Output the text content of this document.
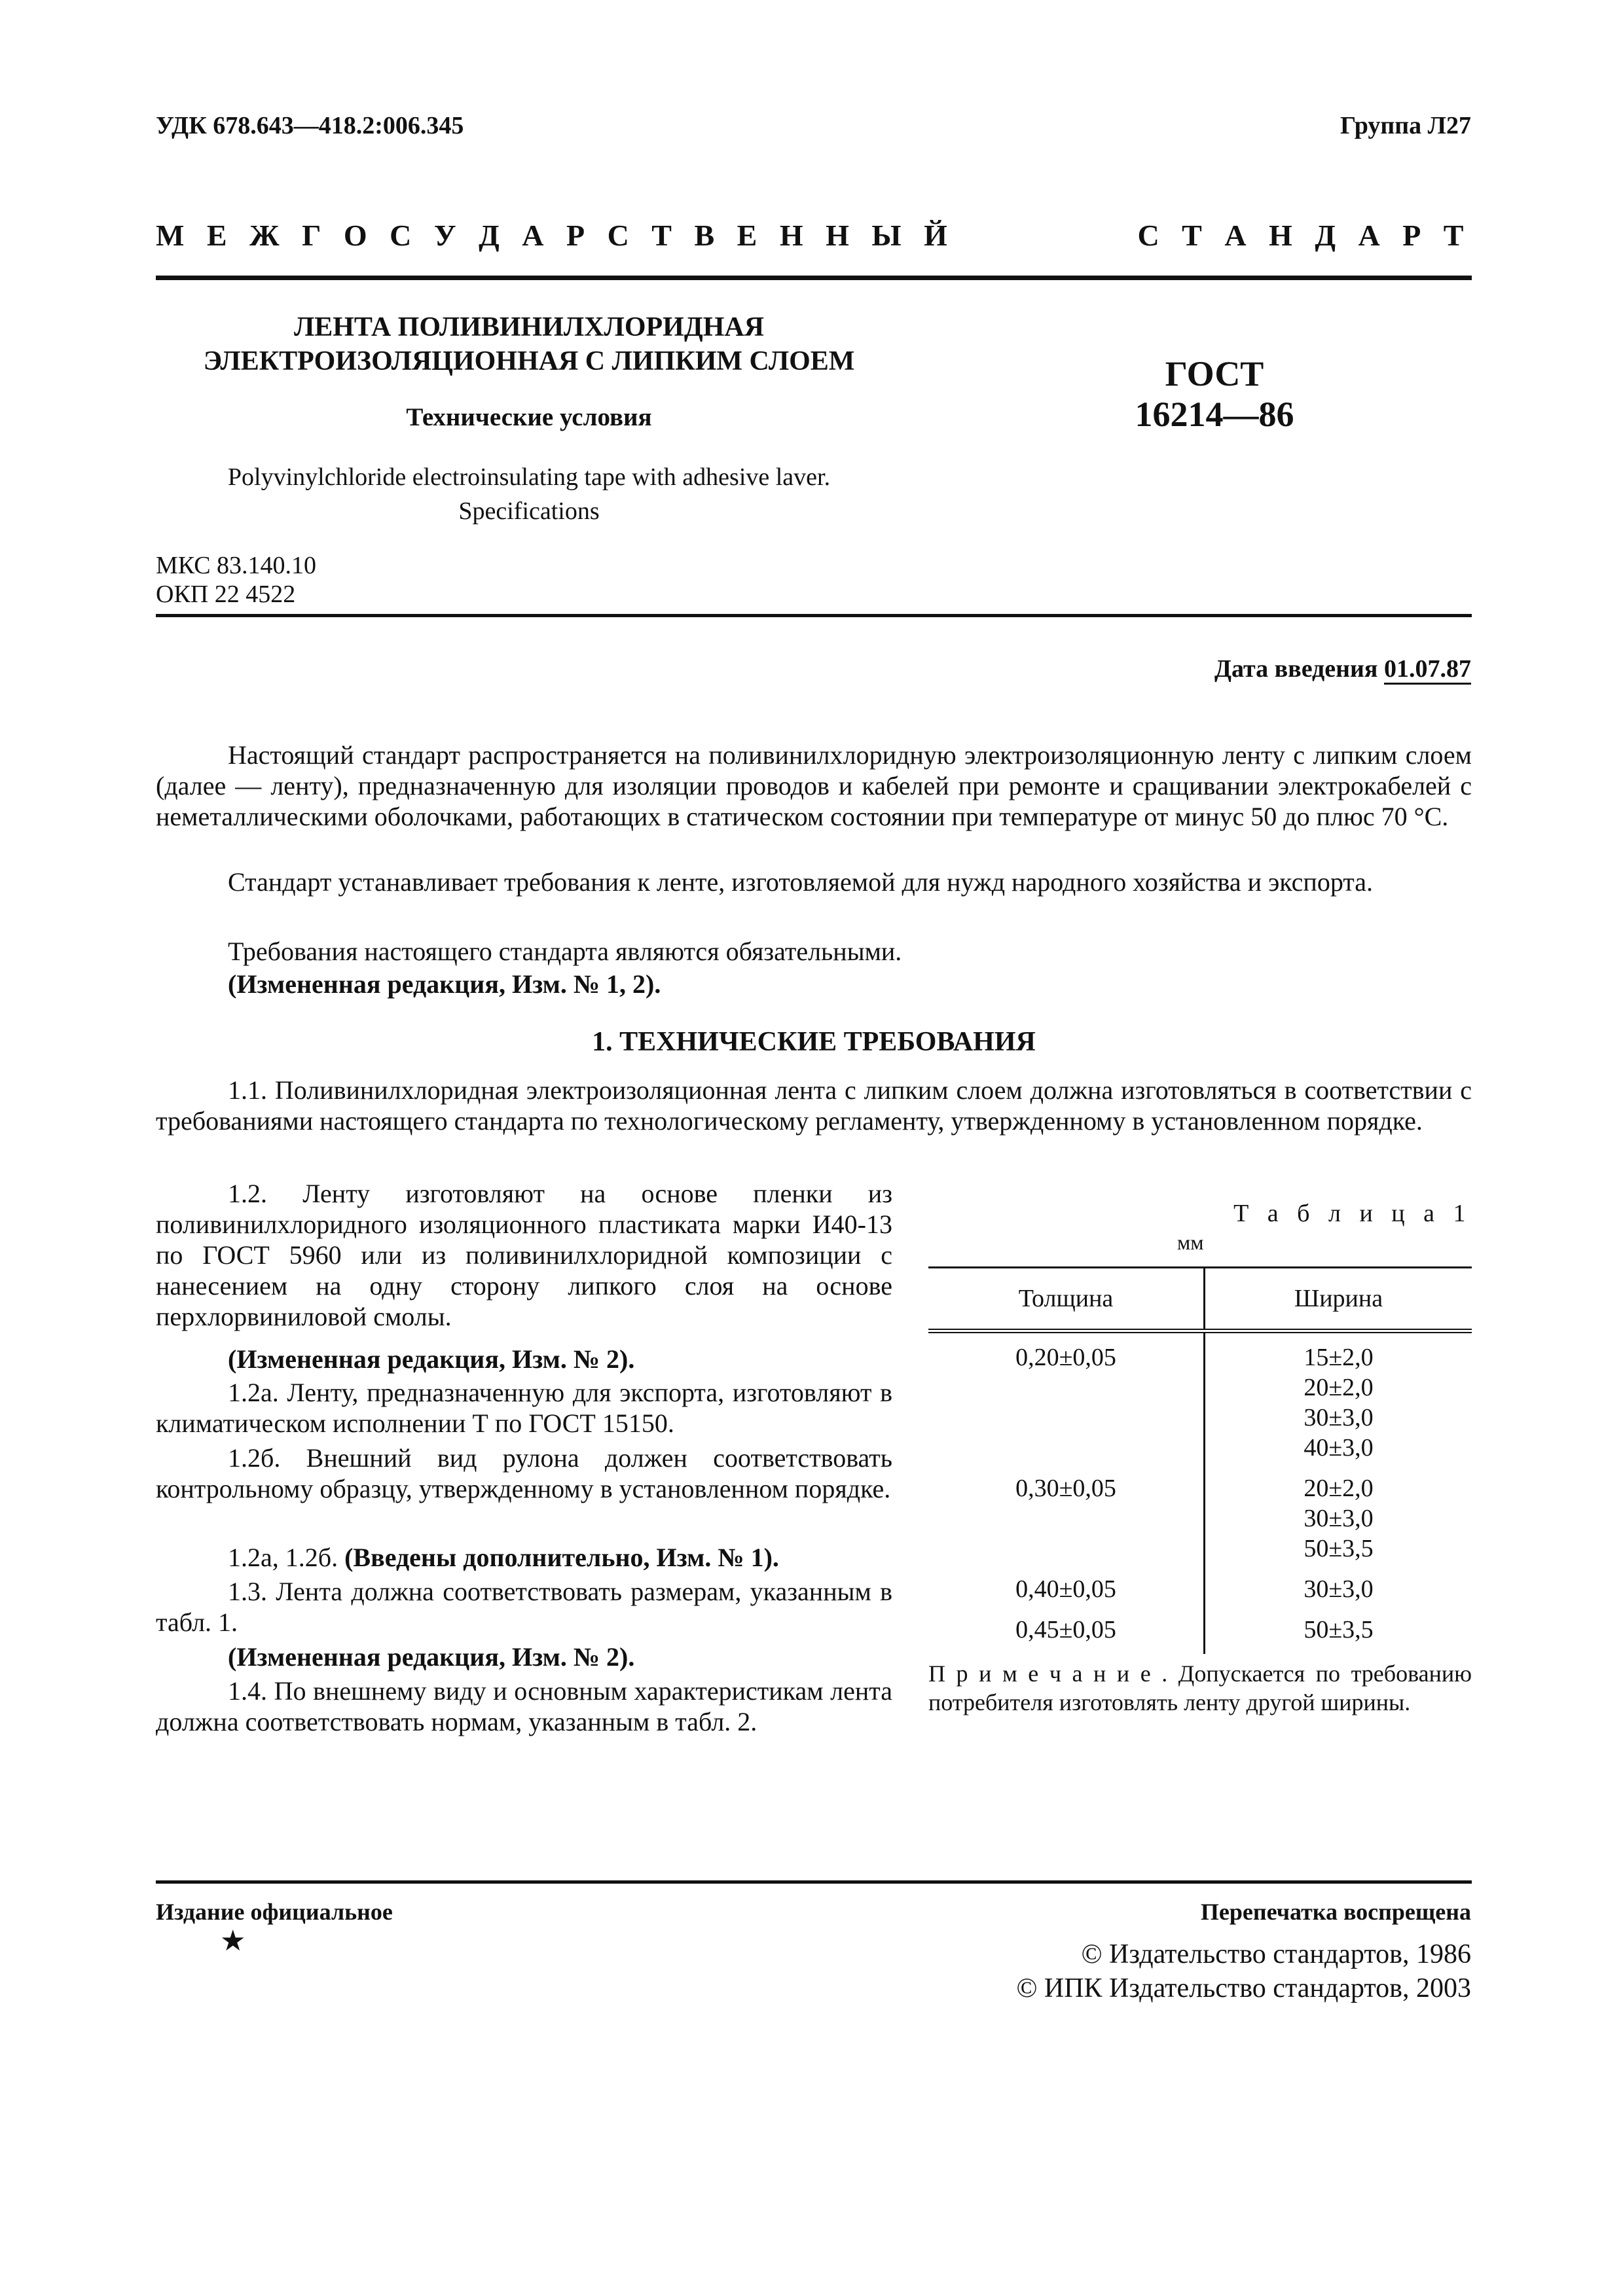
УДК 678.643—418.2:006.345	Группа Л27
М Е Ж Г О С У Д А Р С Т В Е Н Н Ы Й	С Т А Н Д А Р Т
ЛЕНТА ПОЛИВИНИЛХЛОРИДНАЯ
ЭЛЕКТРОИЗОЛЯЦИОННАЯ С ЛИПКИМ СЛОЕМ
Технические условия
Polyvinylchloride electroinsulating tape with adhesive laver.
Specifications
ГОСТ
16214—86
МКС 83.140.10
ОКП 22 4522
Дата введения 01.07.87
Настоящий стандарт распространяется на поливинилхлоридную электроизоляционную ленту с липким слоем (далее — ленту), предназначенную для изоляции проводов и кабелей при ремонте и сращивании электрокабелей с неметаллическими оболочками, работающих в статическом состоянии при температуре от минус 50 до плюс 70 °С.
Стандарт устанавливает требования к ленте, изготовляемой для нужд народного хозяйства и экспорта.
Требования настоящего стандарта являются обязательными.
(Измененная редакция, Изм. № 1, 2).
1. ТЕХНИЧЕСКИЕ ТРЕБОВАНИЯ
1.1. Поливинилхлоридная электроизоляционная лента с липким слоем должна изготовляться в соответствии с требованиями настоящего стандарта по технологическому регламенту, утвержденному в установленном порядке.
1.2. Ленту изготовляют на основе пленки из поливинилхлоридного изоляционного пластиката марки И40-13 по ГОСТ 5960 или из поливинилхлоридной композиции с нанесением на одну сторону липкого слоя на основе перхлорвиниловой смолы.
(Измененная редакция, Изм. № 2).
1.2а. Ленту, предназначенную для экспорта, изготовляют в климатическом исполнении Т по ГОСТ 15150.
1.2б. Внешний вид рулона должен соответствовать контрольному образцу, утвержденному в установленном порядке.
1.2а, 1.2б. (Введены дополнительно, Изм. № 1).
1.3. Лента должна соответствовать размерам, указанным в табл. 1.
(Измененная редакция, Изм. № 2).
1.4. По внешнему виду и основным характеристикам лента должна соответствовать нормам, указанным в табл. 2.
Т а б л и ц а 1
мм
Толщина	Ширина
0,20±0,05	15±2,0
20±2,0
30±3,0
40±3,0

0,30±0,05	20±2,0
30±3,0
50±3,5

0,40±0,05	30±3,0

0,45±0,05	50±3,5
П р и м е ч а н и е . Допускается по требованию потребителя изготовлять ленту другой ширины.
Издание официальное	Перепечатка воспрещена
★	© Издательство стандартов, 1986
© ИПК Издательство стандартов, 2003
